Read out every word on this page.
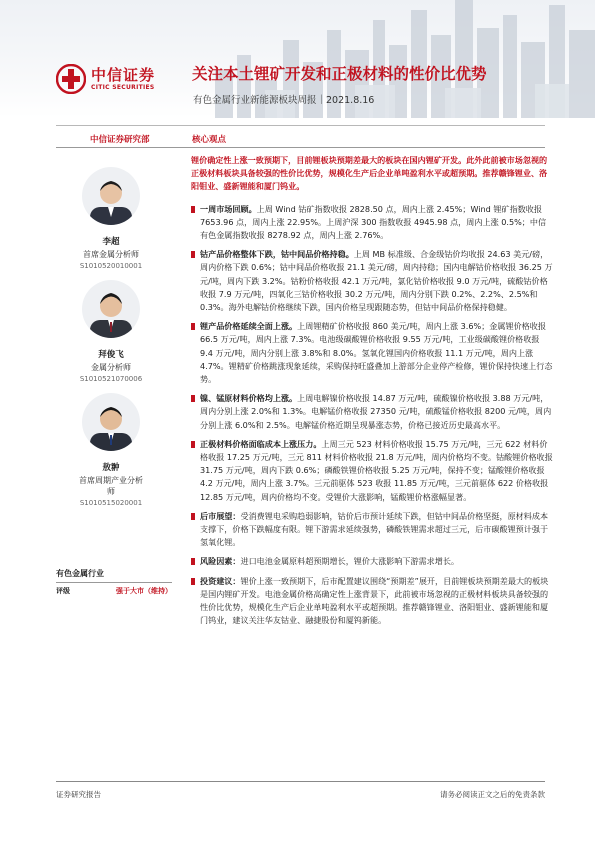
中信证券
CITIC SECURITIES
关注本土锂矿开发和正极材料的性价比优势
有色金属行业新能源板块周报｜2021.8.16
中信证券研究部	核心观点
李超
首席金属分析师
S1010520010001
拜俊飞
金属分析师
S1010521070006
敖翀
首席周期产业分析师
S1010515020001
有色金属行业
评级	强于大市（维持）
锂价确定性上涨一致预期下，目前锂板块预期差最大的板块在国内锂矿开发。此外此前被市场忽视的正极材料板块具备较强的性价比优势，规模化生产后企业单吨盈利水平或超预期。推荐赣锋锂业、洛阳钼业、盛新锂能和厦门钨业。
一周市场回顾。上周 Wind 钴矿指数收报 2828.50 点，周内上涨 2.45%；Wind 锂矿指数收报 7653.96 点，周内上涨 22.95%。上周沪深 300 指数收报 4945.98 点，周内上涨 0.5%；中信有色金属指数收报 8278.92 点，周内上涨 2.76%。
钴产品价格整体下跌，钴中间品价格持稳。上周 MB 标准级、合金级钴价均收报 24.63 美元/磅，周内价格下跌 0.6%；钴中间品价格收报 21.1 美元/磅，周内持稳；国内电解钴价格收报 36.25 万元/吨，周内下跌 3.2%。钴粉价格收报 42.1 万元/吨，氯化钴价格收报 9.0 万元/吨，硫酸钴价格收报 7.9 万元/吨，四氧化三钴价格收报 30.2 万元/吨，周内分别下跌 0.2%、2.2%、2.5%和 0.3%。海外电解钴价格继续下跌，国内价格呈现跟随态势，但钴中间品价格保持稳健。
锂产品价格延续全面上涨。上周锂精矿价格收报 860 美元/吨，周内上涨 3.6%；金属锂价格收报 66.5 万元/吨，周内上涨 7.3%。电池级碳酸锂价格收报 9.55 万元/吨，工业级碳酸锂价格收报 9.4 万元/吨，周内分别上涨 3.8%和 8.0%。氢氧化锂国内价格收报 11.1 万元/吨，周内上涨 4.7%。锂精矿价格跳涨现象延续，采购保持旺盛叠加上游部分企业停产检修，锂价保持快速上行态势。
镍、锰原材料价格均上涨。上周电解镍价格收报 14.87 万元/吨，硫酸镍价格收报 3.88 万元/吨，周内分别上涨 2.0%和 1.3%。电解锰价格收报 27350 元/吨，硫酸锰价格收报 8200 元/吨，周内分别上涨 6.0%和 2.5%。电解锰价格近期呈现暴涨态势，价格已接近历史最高水平。
正极材料价格面临成本上涨压力。上周三元 523 材料价格收报 15.75 万元/吨，三元 622 材料价格收报 17.25 万元/吨，三元 811 材料价格收报 21.8 万元/吨，周内价格均不变。钴酸锂价格收报 31.75 万元/吨，周内下跌 0.6%；磷酸铁锂价格收报 5.25 万元/吨，保持不变；锰酸锂价格收报 4.2 万元/吨，周内上涨 3.7%。三元前驱体 523 收报 11.85 万元/吨，三元前驱体 622 价格收报 12.85 万元/吨，周内价格均不变。受锂价大涨影响，锰酸锂价格涨幅显著。
后市展望：受消费锂电采购趋弱影响，钴价后市预计延续下跌，但钴中间品价格坚挺，原材料成本支撑下，价格下跌幅度有限。锂下游需求延续强势，磷酸铁锂需求超过三元，后市碳酸锂预计强于氢氧化锂。
风险因素：进口电池金属原料超预期增长，锂价大涨影响下游需求增长。
投资建议：锂价上涨一致预期下，后市配置建议围绕“预期差”展开，目前锂板块预期差最大的板块是国内锂矿开发。电池金属价格高确定性上涨背景下，此前被市场忽视的正极材料板块具备较强的性价比优势，规模化生产后企业单吨盈利水平或超预期。推荐赣锋锂业、洛阳钼业、盛新锂能和厦门钨业，建议关注华友钴业、融捷股份和厦钨新能。
证券研究报告	请务必阅读正文之后的免责条款
